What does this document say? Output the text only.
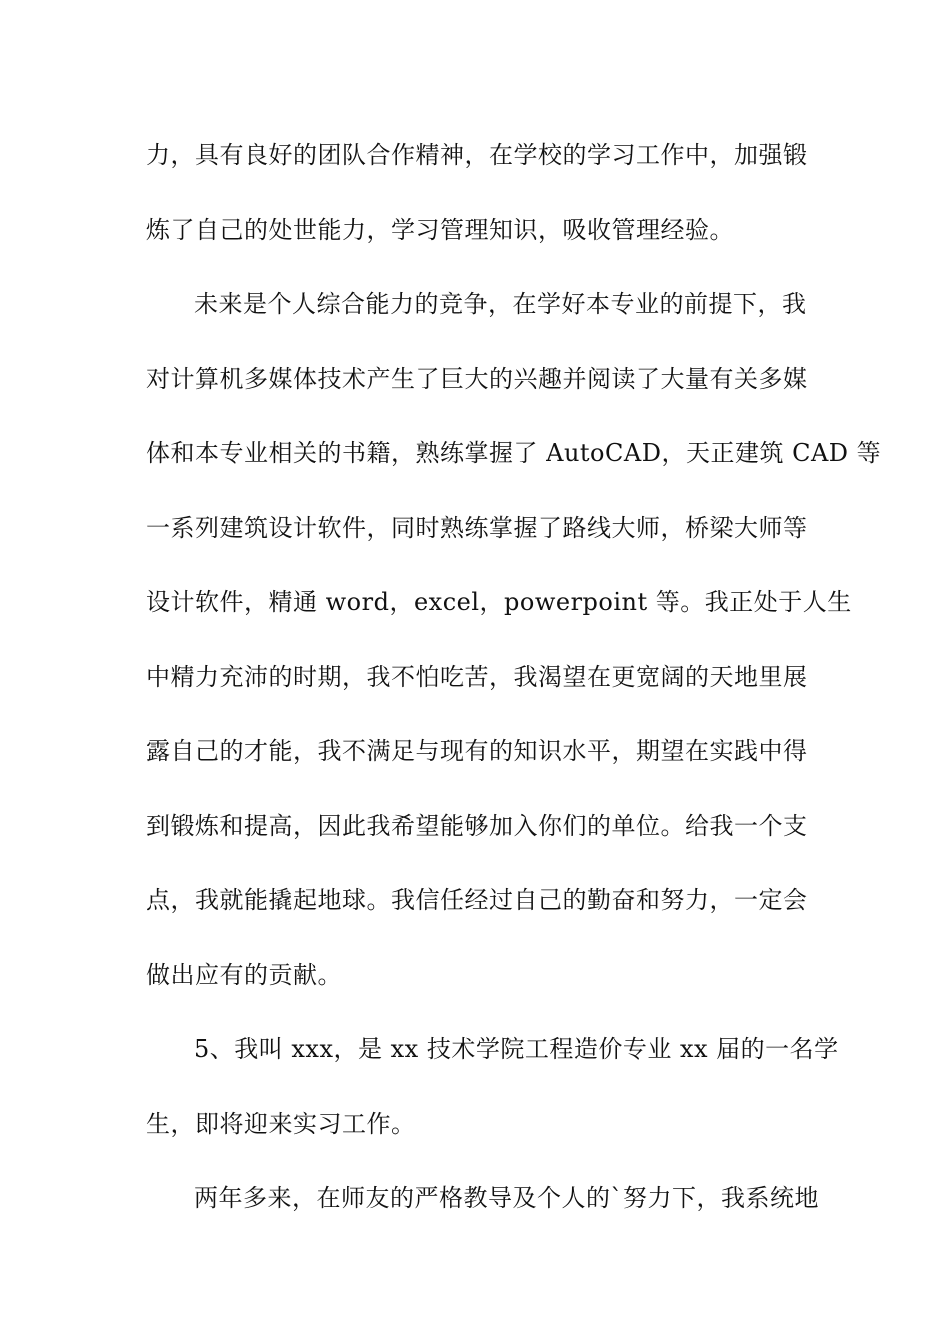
力，具有良好的团队合作精神，在学校的学习工作中，加强锻
炼了自己的处世能力，学习管理知识，吸收管理经验。
未来是个人综合能力的竞争，在学好本专业的前提下，我
对计算机多媒体技术产生了巨大的兴趣并阅读了大量有关多媒
体和本专业相关的书籍，熟练掌握了 AutoCAD，天正建筑 CAD 等
一系列建筑设计软件，同时熟练掌握了路线大师，桥梁大师等
设计软件，精通 word，excel，powerpoint 等。我正处于人生
中精力充沛的时期，我不怕吃苦，我渴望在更宽阔的天地里展
露自己的才能，我不满足与现有的知识水平，期望在实践中得
到锻炼和提高，因此我希望能够加入你们的单位。给我一个支
点，我就能撬起地球。我信任经过自己的勤奋和努力，一定会
做出应有的贡献。
5、我叫 xxx，是 xx 技术学院工程造价专业 xx 届的一名学
生，即将迎来实习工作。
两年多来，在师友的严格教导及个人的`努力下，我系统地
